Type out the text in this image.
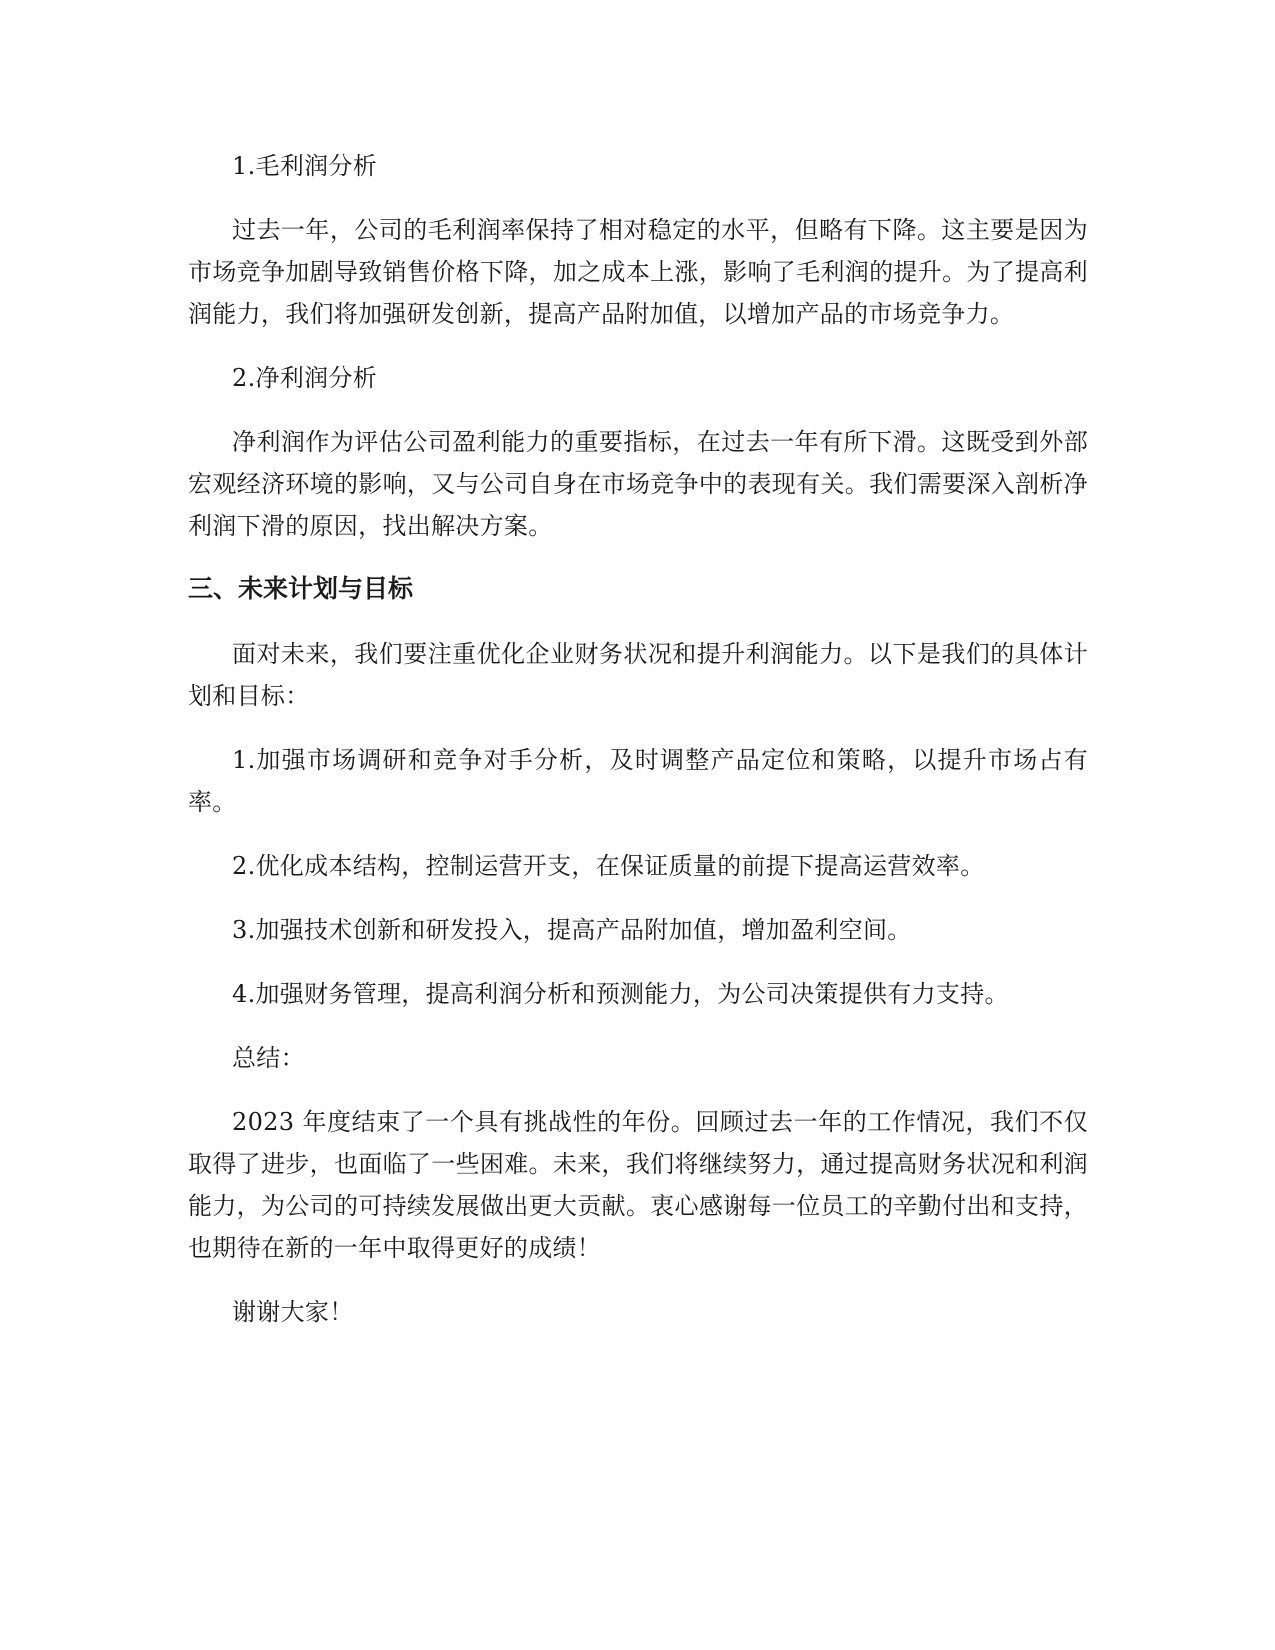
1.毛利润分析

过去一年，公司的毛利润率保持了相对稳定的水平，但略有下降。这主要是因为市场竞争加剧导致销售价格下降，加之成本上涨，影响了毛利润的提升。为了提高利润能力，我们将加强研发创新，提高产品附加值，以增加产品的市场竞争力。

2.净利润分析

净利润作为评估公司盈利能力的重要指标，在过去一年有所下滑。这既受到外部宏观经济环境的影响，又与公司自身在市场竞争中的表现有关。我们需要深入剖析净利润下滑的原因，找出解决方案。

三、未来计划与目标

面对未来，我们要注重优化企业财务状况和提升利润能力。以下是我们的具体计划和目标：

1.加强市场调研和竞争对手分析，及时调整产品定位和策略，以提升市场占有率。

2.优化成本结构，控制运营开支，在保证质量的前提下提高运营效率。

3.加强技术创新和研发投入，提高产品附加值，增加盈利空间。

4.加强财务管理，提高利润分析和预测能力，为公司决策提供有力支持。

总结：

2023 年度结束了一个具有挑战性的年份。回顾过去一年的工作情况，我们不仅取得了进步，也面临了一些困难。未来，我们将继续努力，通过提高财务状况和利润能力，为公司的可持续发展做出更大贡献。衷心感谢每一位员工的辛勤付出和支持，也期待在新的一年中取得更好的成绩！

谢谢大家！
